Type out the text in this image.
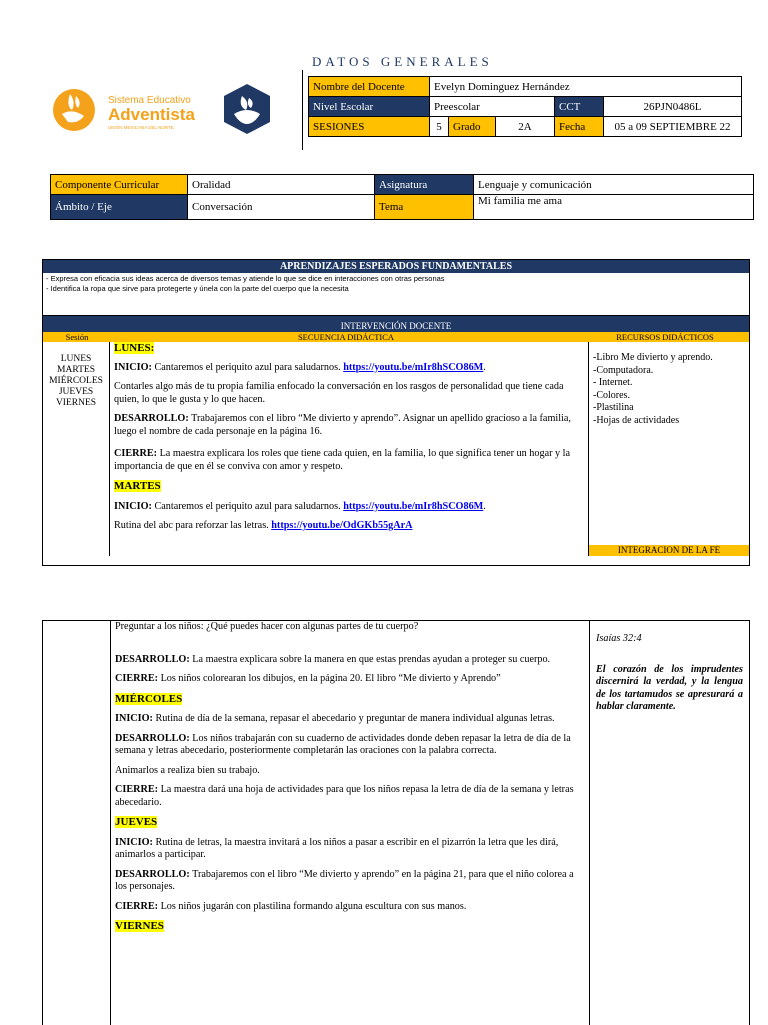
Sistema Educativo
Adventista
UNIÓN MEXICANA DEL NORTE
DATOS GENERALES
Nombre del Docente	Evelyn Dominguez Hernández				
Nivel Escolar	Preescolar			CCT	26PJN0486L
SESIONES	5	Grado	2A	Fecha	05 a 09 SEPTIEMBRE 22
Componente Curricular	Oralidad	Asignatura	Lenguaje y comunicación
Ámbito / Eje	Conversación	Tema	Mi familia me ama
APRENDIZAJES ESPERADOS FUNDAMENTALES
- Expresa con eficacia sus ideas acerca de diversos temas y atiende lo que se dice en interacciones con otras personas
- Identifica la ropa que sirve para protegerte y únela con la parte del cuerpo que la necesita
INTERVENCIÓN DOCENTE
Sesión	SECUENCIA DIDÁCTICA	RECURSOS DIDÁCTICOS
LUNES
MARTES
MIÉRCOLES
JUEVES
VIERNES

LUNES:

INICIO: Cantaremos el periquito azul para saludarnos. https://youtu.be/mIr8hSCO86M.

Contarles algo más de tu propia familia enfocado la conversación en los rasgos de personalidad que tiene cada quien, lo que le gusta y lo que hacen.

DESARROLLO: Trabajaremos con el libro “Me divierto y aprendo”. Asignar un apellido gracioso a la familia, luego el nombre de cada personaje en la página 16.

CIERRE: La maestra explicara los roles que tiene cada quien, en la familia, lo que significa tener un hogar y la importancia de que en él se conviva con amor y respeto.

MARTES

INICIO: Cantaremos el periquito azul para saludarnos. https://youtu.be/mIr8hSCO86M.

Rutina del abc para reforzar las letras. https://youtu.be/OdGKb55gArA

-Libro Me divierto y aprendo.
-Computadora.
- Internet.
-Colores.
-Plastilina
-Hojas de actividades
INTEGRACION DE LA FE

Preguntar a los niños: ¿Qué puedes hacer con algunas partes de tu cuerpo?

DESARROLLO: La maestra explicara sobre la manera en que estas prendas ayudan a proteger su cuerpo.

CIERRE: Los niños colorearan los dibujos, en la página 20. El libro “Me divierto y Aprendo”

MIÉRCOLES

INICIO: Rutina de día de la semana, repasar el abecedario y preguntar de manera individual algunas letras.

DESARROLLO: Los niños trabajarán con su cuaderno de actividades donde deben repasar la letra de día de la semana y letras abecedario, posteriormente completarán las oraciones con la palabra correcta.

Animarlos a realiza bien su trabajo.

CIERRE: La maestra dará una hoja de actividades para que los niños repasa la letra de día de la semana y letras abecedario.

JUEVES

INICIO: Rutina de letras, la maestra invitará a los niños a pasar a escribir en el pizarrón la letra que les dirá, animarlos a participar.

DESARROLLO: Trabajaremos con el libro “Me divierto y aprendo” en la página 21, para que el niño colorea a los personajes.

CIERRE: Los niños jugarán con plastilina formando alguna escultura con sus manos.

VIERNES

Isaías 32:4
El corazón de los imprudentes discernirá la verdad, y la lengua de los tartamudos se apresurará a hablar claramente.
